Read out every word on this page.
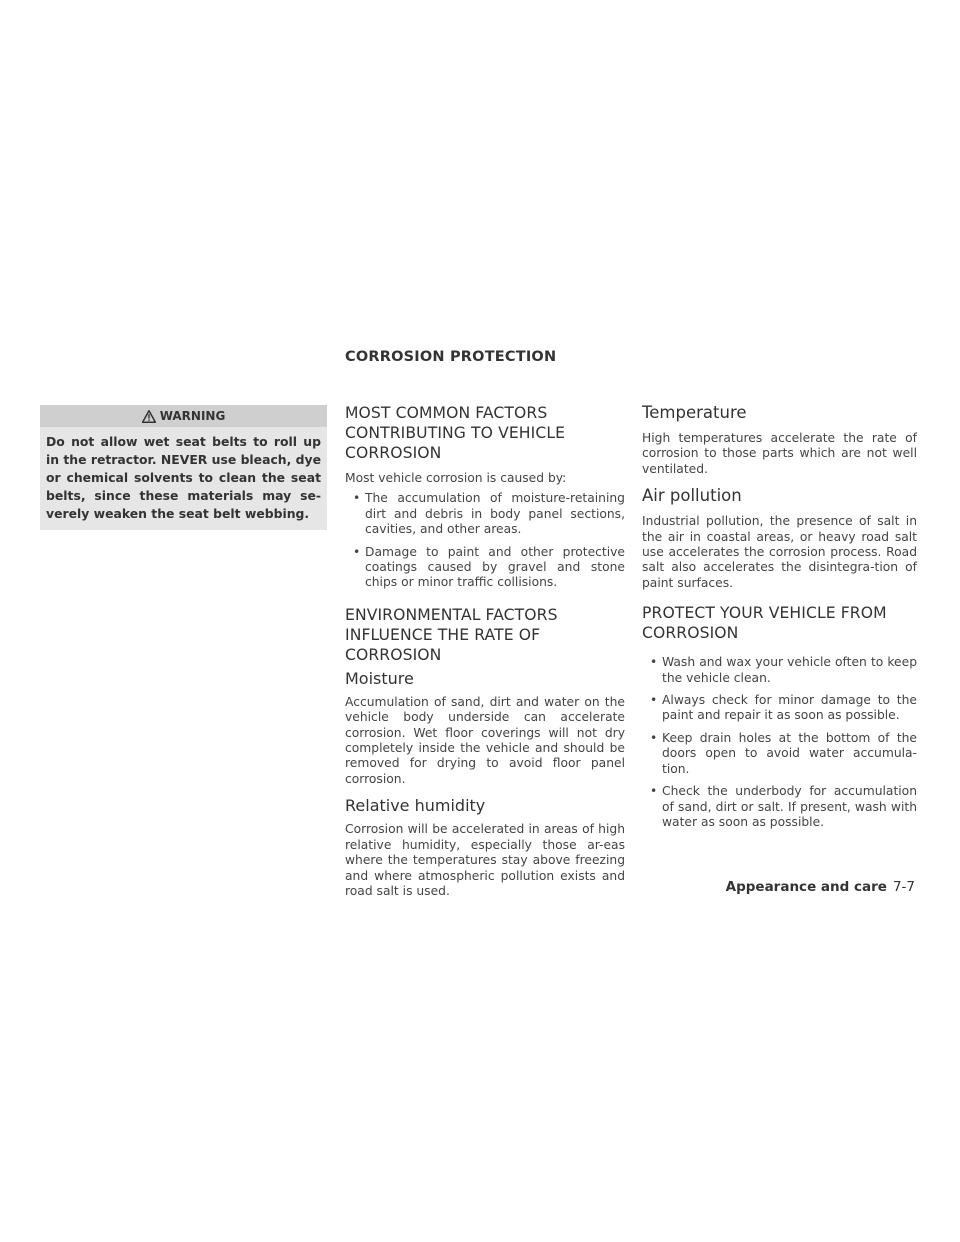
CORROSION PROTECTION
WARNING
Do not allow wet seat belts to roll up in the retractor. NEVER use bleach, dye or chemical solvents to clean the seat belts, since these materials may se-verely weaken the seat belt webbing.
MOST COMMON FACTORS CONTRIBUTING TO VEHICLE CORROSION

Most vehicle corrosion is caused by:

• The accumulation of moisture-retaining dirt and debris in body panel sections, cavities, and other areas.
• Damage to paint and other protective coatings caused by gravel and stone chips or minor traffic collisions.
ENVIRONMENTAL FACTORS INFLUENCE THE RATE OF CORROSION
Moisture

Accumulation of sand, dirt and water on the vehicle body underside can accelerate corrosion. Wet floor coverings will not dry completely inside the vehicle and should be removed for drying to avoid floor panel corrosion.

Relative humidity

Corrosion will be accelerated in areas of high relative humidity, especially those ar-eas where the temperatures stay above freezing and where atmospheric pollution exists and road salt is used.

Temperature

High temperatures accelerate the rate of corrosion to those parts which are not well ventilated.

Air pollution

Industrial pollution, the presence of salt in the air in coastal areas, or heavy road salt use accelerates the corrosion process. Road salt also accelerates the disintegra-tion of paint surfaces.

PROTECT YOUR VEHICLE FROM CORROSION
• Wash and wax your vehicle often to keep the vehicle clean.
• Always check for minor damage to the paint and repair it as soon as possible.
• Keep drain holes at the bottom of the doors open to avoid water accumula-tion.
• Check the underbody for accumulation of sand, dirt or salt. If present, wash with water as soon as possible.
Appearance and care 7-7
